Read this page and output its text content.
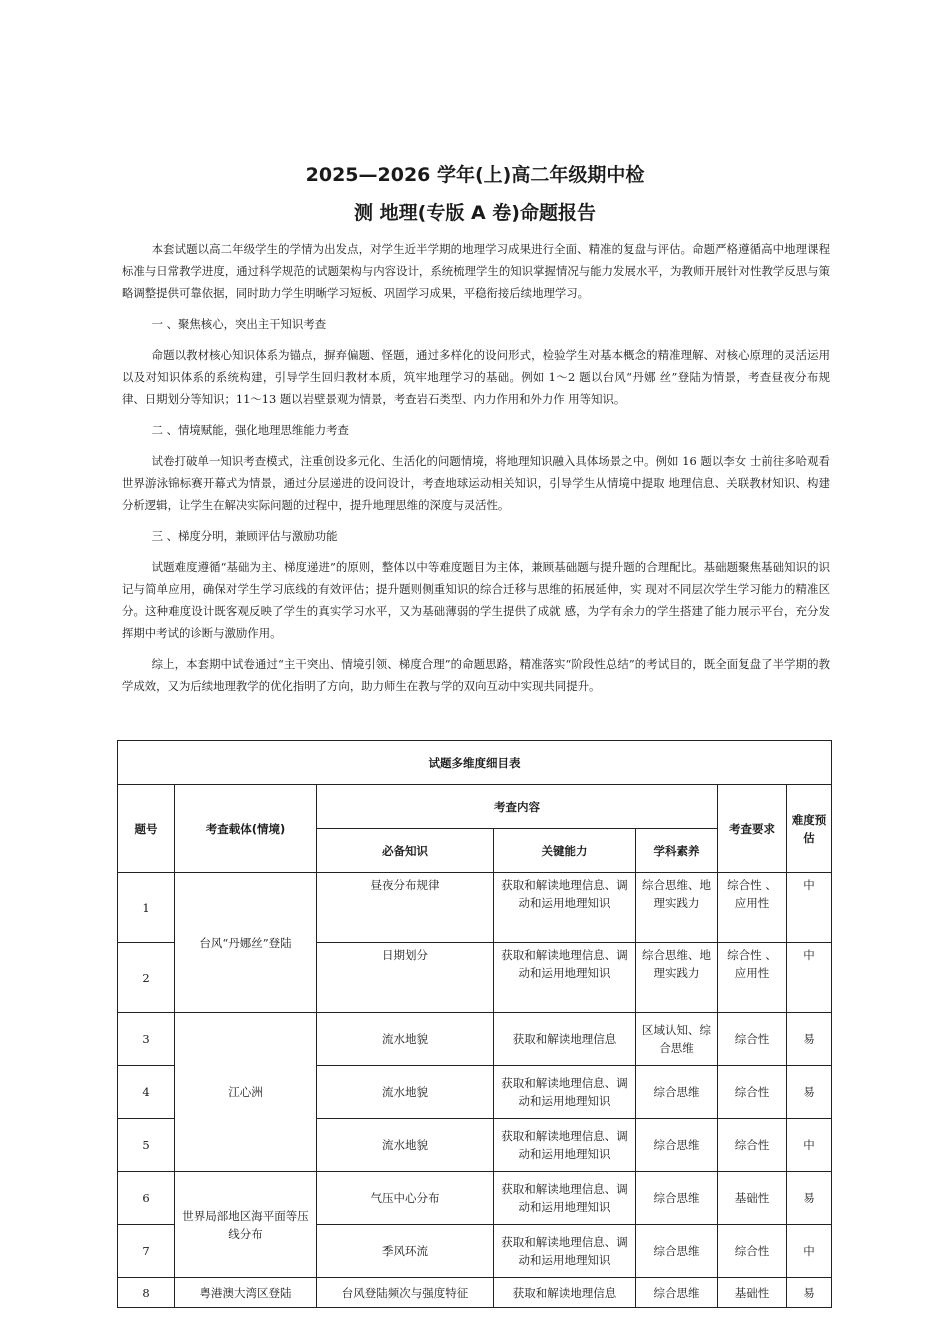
2025—2026 学年(上)高二年级期中检
测 地理(专版 A 卷)命题报告

本套试题以高二年级学生的学情为出发点，对学生近半学期的地理学习成果进行全面、精准的复盘与评估。命题严格遵循高中地理课程标准与日常教学进度，通过科学规范的试题架构与内容设计，系统梳理学生的知识掌握情况与能力发展水平，为教师开展针对性教学反思与策略调整提供可靠依据，同时助力学生明晰学习短板、巩固学习成果，平稳衔接后续地理学习。

一 、聚焦核心，突出主干知识考查

命题以教材核心知识体系为锚点，摒弃偏题、怪题，通过多样化的设问形式，检验学生对基本概念的精准理解、对核心原理的灵活运用以及对知识体系的系统构建，引导学生回归教材本质，筑牢地理学习的基础。例如 1～2 题以台风“丹娜 丝”登陆为情景，考查昼夜分布规律、日期划分等知识；11～13 题以岩壁景观为情景，考查岩石类型、内力作用和外力作 用等知识。

二 、情境赋能，强化地理思维能力考查

试卷打破单一知识考查模式，注重创设多元化、生活化的问题情境，将地理知识融入具体场景之中。例如 16 题以李女 士前往多哈观看世界游泳锦标赛开幕式为情景，通过分层递进的设问设计，考查地球运动相关知识，引导学生从情境中提取 地理信息、关联教材知识、构建分析逻辑，让学生在解决实际问题的过程中，提升地理思维的深度与灵活性。

三 、梯度分明，兼顾评估与激励功能

试题难度遵循“基础为主、梯度递进”的原则，整体以中等难度题目为主体，兼顾基础题与提升题的合理配比。基础题聚焦基础知识的识记与简单应用，确保对学生学习底线的有效评估；提升题则侧重知识的综合迁移与思维的拓展延伸，实 现对不同层次学生学习能力的精准区分。这种难度设计既客观反映了学生的真实学习水平，又为基础薄弱的学生提供了成就 感，为学有余力的学生搭建了能力展示平台，充分发挥期中考试的诊断与激励作用。

综上，本套期中试卷通过“主干突出、情境引领、梯度合理”的命题思路，精准落实“阶段性总结”的考试目的，既全面复盘了半学期的教学成效，又为后续地理教学的优化指明了方向，助力师生在教与学的双向互动中实现共同提升。

试题多维度细目表						
题号	考查载体(情境)	考查内容			考查要求	难度预估
		必备知识	关键能力	学科素养		
1	台风“丹娜丝”登陆	昼夜分布规律	获取和解读地理信息、调动和运用地理知识	综合思维、地理实践力	综合性 、 应用性	中
2		日期划分	获取和解读地理信息、调动和运用地理知识	综合思维、地理实践力	综合性 、 应用性	中
3	江心洲	流水地貌	获取和解读地理信息	区域认知、综合思维	综合性	易
4		流水地貌	获取和解读地理信息、调动和运用地理知识	综合思维	综合性	易
5		流水地貌	获取和解读地理信息、调动和运用地理知识	综合思维	综合性	中
6	世界局部地区海平面等压线分布	气压中心分布	获取和解读地理信息、调动和运用地理知识	综合思维	基础性	易
7		季风环流	获取和解读地理信息、调动和运用地理知识	综合思维	综合性	中
8	粤港澳大湾区登陆	台风登陆频次与强度特征	获取和解读地理信息	综合思维	基础性	易
